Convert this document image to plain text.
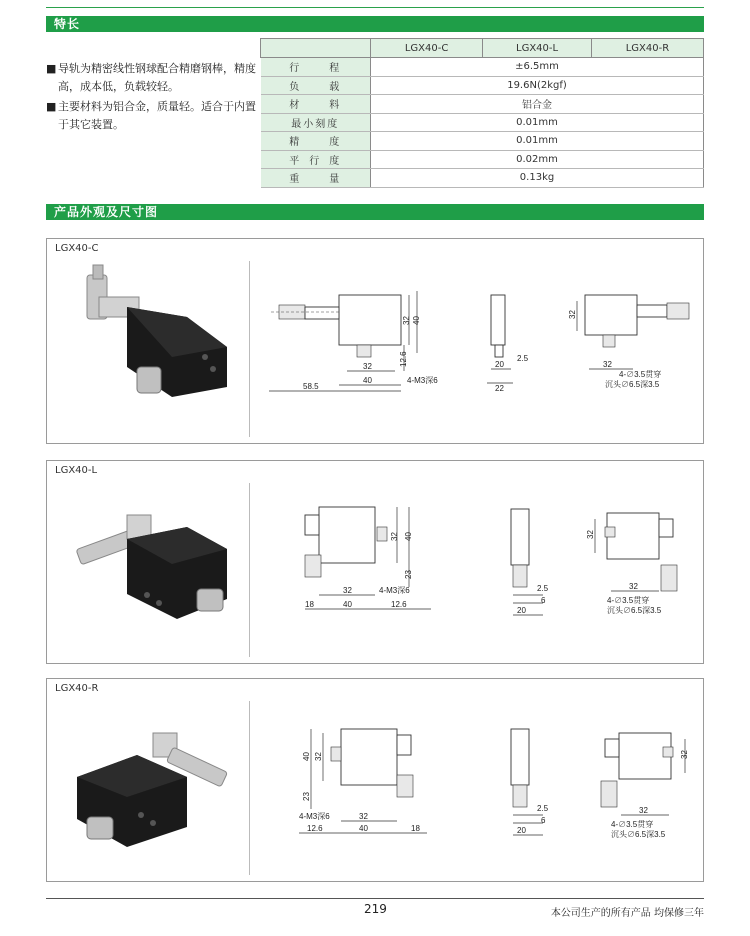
特长

■ 导轨为精密线性钢球配合精磨钢棒，精度高，成本低，负载较轻。

■ 主要材料为铝合金，质量轻。适合于内置于其它装置。

	LGX40-C	LGX40-L	LGX40-R
行　程	±6.5mm		
负　载	19.6N(2kgf)		
材　料	铝合金		
最小刻度	0.01mm		
精　度	0.01mm		
平行度	0.02mm		
重　量	0.13kg		
产品外观及尺寸图
LGX40-C
32 40
12.6
32
40
58.5
4-M3深6
20
2.5
22
32
32
4-∅3.5贯穿
沉头∅6.5深3.5
LGX40-L
32 40
23
32
40
18	12.6
4-M3深6	2.5
6
20
32
32
4-∅3.5贯穿
沉头∅6.5深3.5
LGX40-R
40 32
23
32
40
12.6	18
4-M3深6
2.5
6
20
32
32
4-∅3.5贯穿
沉头∅6.5深3.5
219	本公司生产的所有产品 均保修三年
